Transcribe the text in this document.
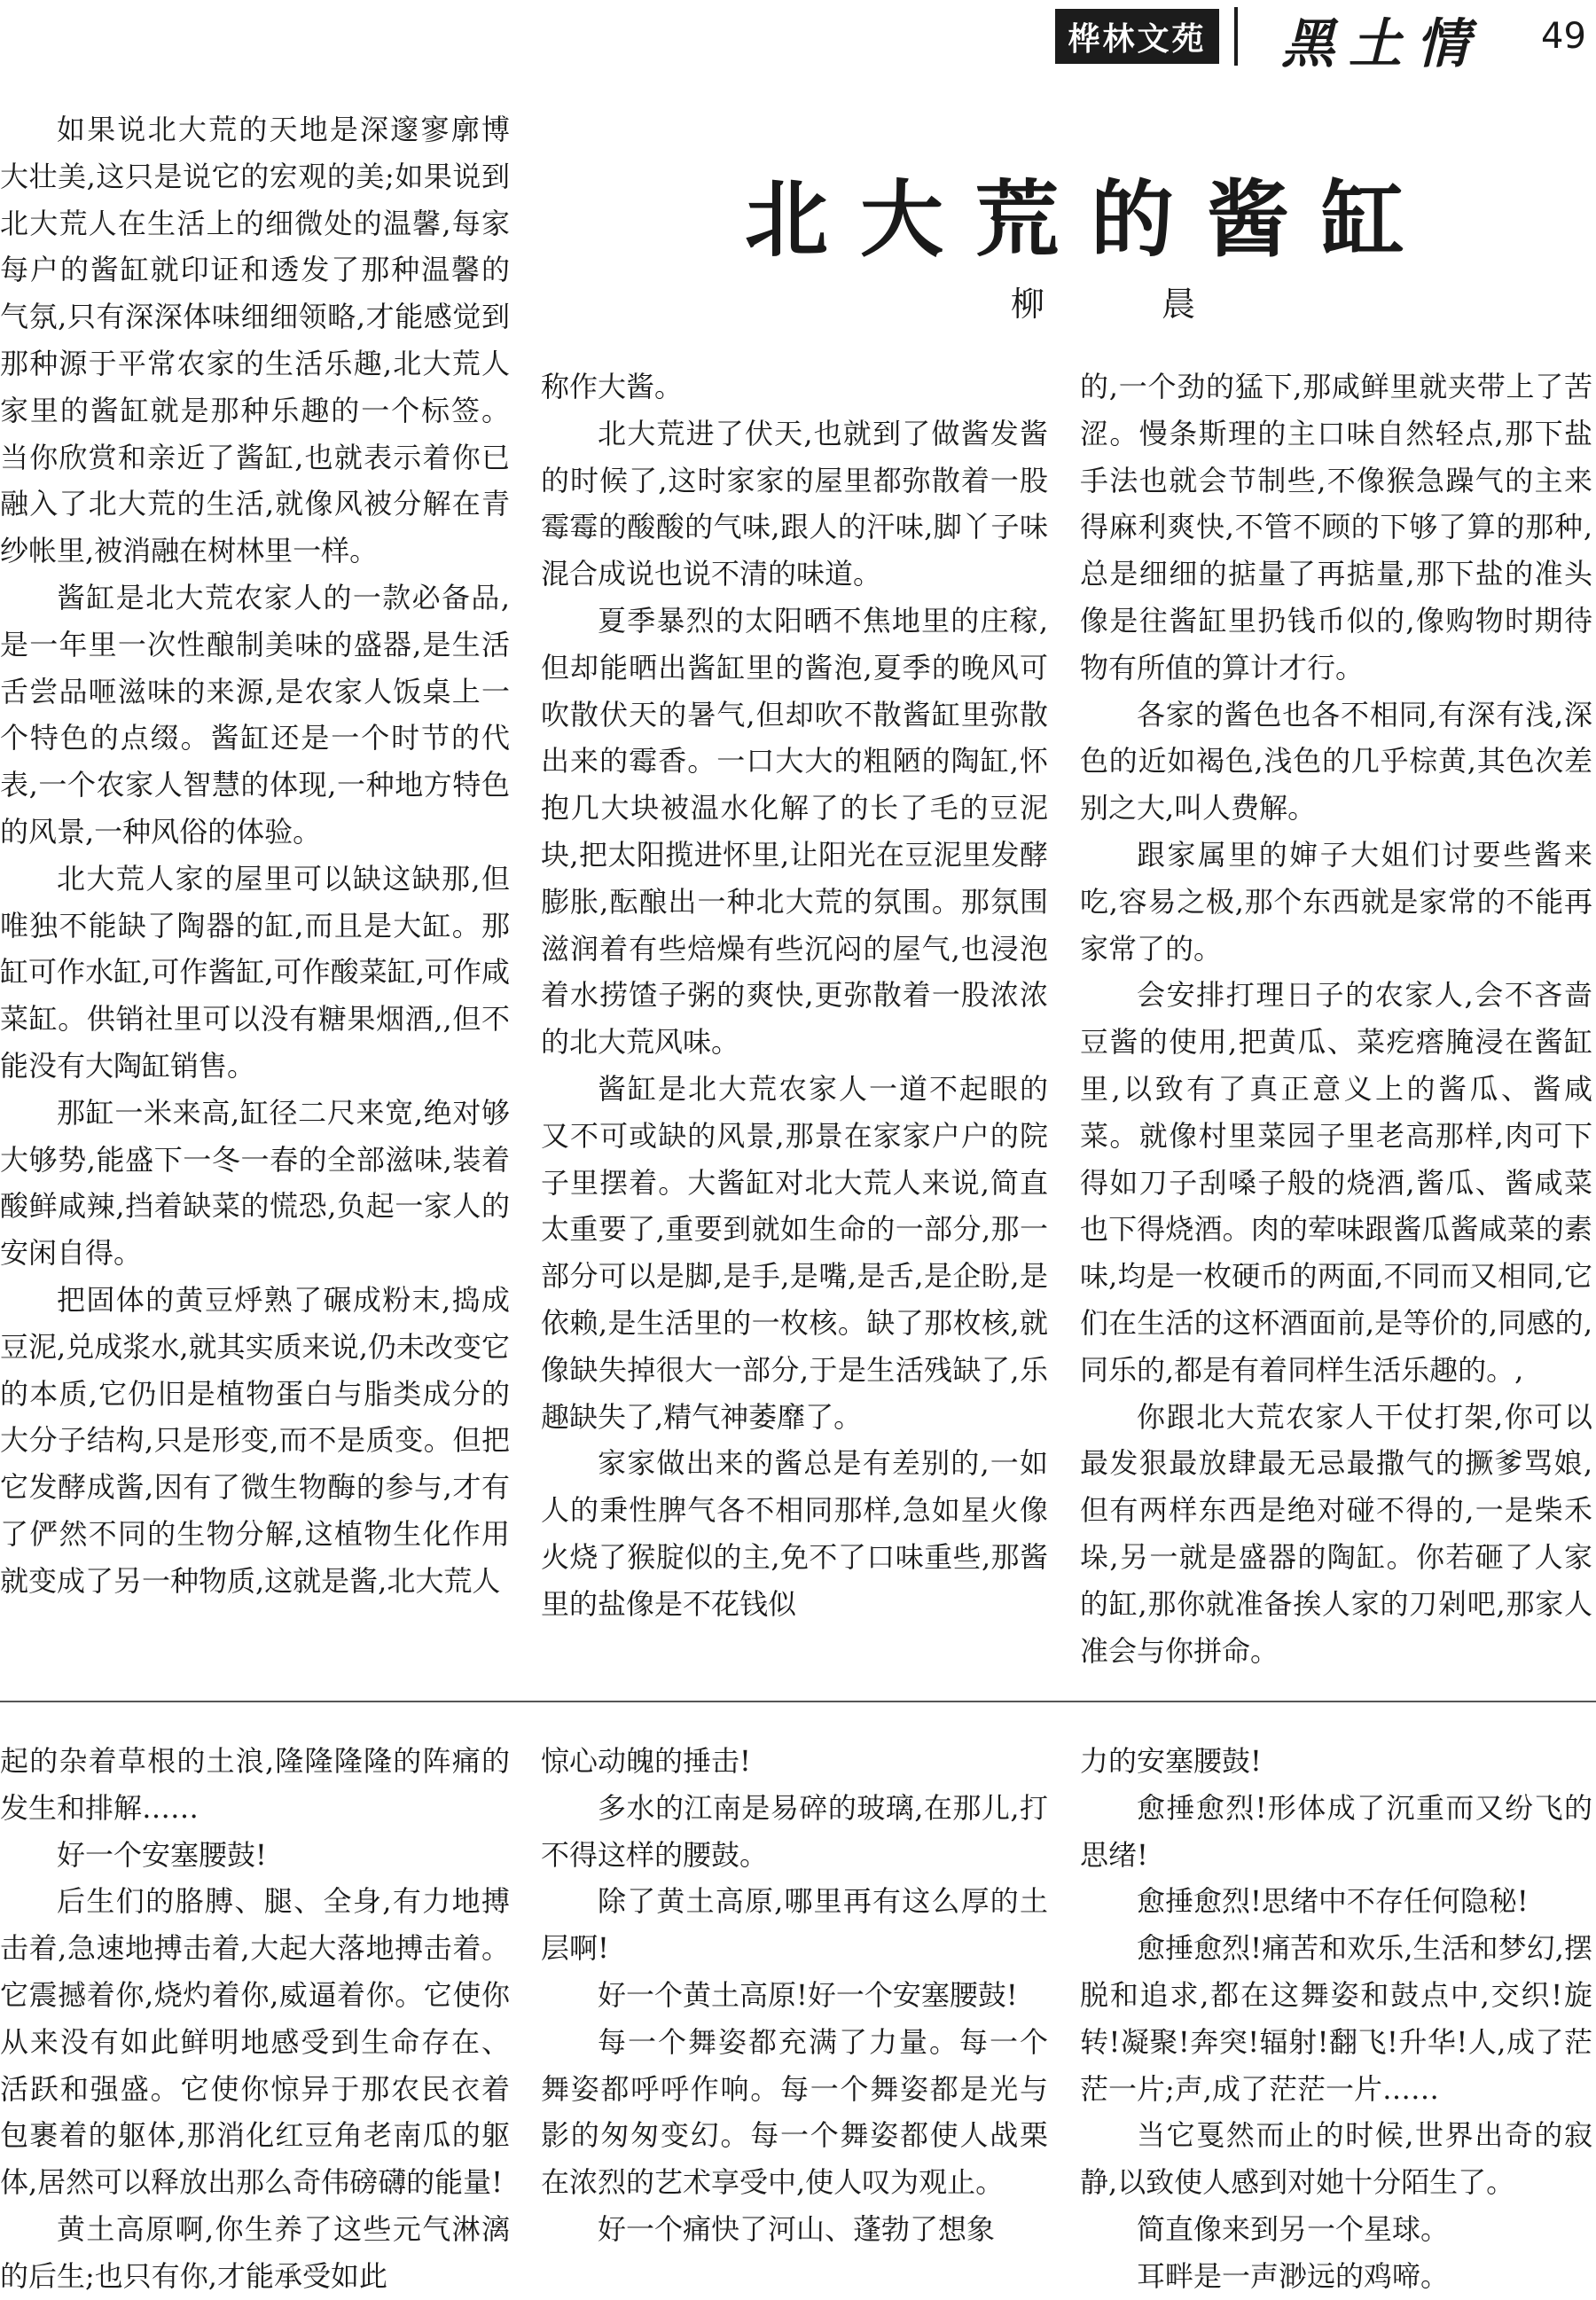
桦林文苑 黑土情 49
北大荒的酱缸
柳 晨

如果说北大荒的天地是深邃寥廓博大壮美,这只是说它的宏观的美;如果说到北大荒人在生活上的细微处的温馨,每家每户的酱缸就印证和透发了那种温馨的气氛,只有深深体味细细领略,才能感觉到那种源于平常农家的生活乐趣,北大荒人家里的酱缸就是那种乐趣的一个标签。当你欣赏和亲近了酱缸,也就表示着你已融入了北大荒的生活,就像风被分解在青纱帐里,被消融在树林里一样。

酱缸是北大荒农家人的一款必备品,是一年里一次性酿制美味的盛器,是生活舌尝品咂滋味的来源,是农家人饭桌上一个特色的点缀。酱缸还是一个时节的代表,一个农家人智慧的体现,一种地方特色的风景,一种风俗的体验。

北大荒人家的屋里可以缺这缺那,但唯独不能缺了陶器的缸,而且是大缸。那缸可作水缸,可作酱缸,可作酸菜缸,可作咸菜缸。供销社里可以没有糖果烟酒,,但不能没有大陶缸销售。

那缸一米来高,缸径二尺来宽,绝对够大够势,能盛下一冬一春的全部滋味,装着酸鲜咸辣,挡着缺菜的慌恐,负起一家人的安闲自得。

把固体的黄豆烀熟了碾成粉末,捣成豆泥,兑成浆水,就其实质来说,仍未改变它的本质,它仍旧是植物蛋白与脂类成分的大分子结构,只是形变,而不是质变。但把它发酵成酱,因有了微生物酶的参与,才有了俨然不同的生物分解,这植物生化作用就变成了另一种物质,这就是酱,北大荒人

称作大酱。

北大荒进了伏天,也就到了做酱发酱的时候了,这时家家的屋里都弥散着一股霉霉的酸酸的气味,跟人的汗味,脚丫子味混合成说也说不清的味道。

夏季暴烈的太阳晒不焦地里的庄稼,但却能晒出酱缸里的酱泡,夏季的晚风可吹散伏天的暑气,但却吹不散酱缸里弥散出来的霉香。一口大大的粗陋的陶缸,怀抱几大块被温水化解了的长了毛的豆泥块,把太阳揽进怀里,让阳光在豆泥里发酵膨胀,酝酿出一种北大荒的氛围。那氛围滋润着有些焙燥有些沉闷的屋气,也浸泡着水捞馇子粥的爽快,更弥散着一股浓浓的北大荒风味。

酱缸是北大荒农家人一道不起眼的又不可或缺的风景,那景在家家户户的院子里摆着。大酱缸对北大荒人来说,简直太重要了,重要到就如生命的一部分,那一部分可以是脚,是手,是嘴,是舌,是企盼,是依赖,是生活里的一枚核。缺了那枚核,就像缺失掉很大一部分,于是生活残缺了,乐趣缺失了,精气神萎靡了。

家家做出来的酱总是有差别的,一如人的秉性脾气各不相同那样,急如星火像火烧了猴腚似的主,免不了口味重些,那酱里的盐像是不花钱似

的,一个劲的猛下,那咸鲜里就夹带上了苦涩。慢条斯理的主口味自然轻点,那下盐手法也就会节制些,不像猴急躁气的主来得麻利爽快,不管不顾的下够了算的那种,总是细细的掂量了再掂量,那下盐的准头像是往酱缸里扔钱币似的,像购物时期待物有所值的算计才行。

各家的酱色也各不相同,有深有浅,深色的近如褐色,浅色的几乎棕黄,其色次差别之大,叫人费解。

跟家属里的婶子大姐们讨要些酱来吃,容易之极,那个东西就是家常的不能再家常了的。

会安排打理日子的农家人,会不吝啬豆酱的使用,把黄瓜、菜疙瘩腌浸在酱缸里,以致有了真正意义上的酱瓜、酱咸菜。就像村里菜园子里老高那样,肉可下得如刀子刮嗓子般的烧酒,酱瓜、酱咸菜也下得烧酒。肉的荤味跟酱瓜酱咸菜的素味,均是一枚硬币的两面,不同而又相同,它们在生活的这杯酒面前,是等价的,同感的,同乐的,都是有着同样生活乐趣的。,

你跟北大荒农家人干仗打架,你可以最发狠最放肆最无忌最撒气的撅爹骂娘,但有两样东西是绝对碰不得的,一是柴禾垛,另一就是盛器的陶缸。你若砸了人家的缸,那你就准备挨人家的刀剁吧,那家人准会与你拼命。

起的杂着草根的土浪,隆隆隆隆的阵痛的发生和排解……

好一个安塞腰鼓!

后生们的胳膊、腿、全身,有力地搏击着,急速地搏击着,大起大落地搏击着。它震撼着你,烧灼着你,威逼着你。它使你从来没有如此鲜明地感受到生命存在、活跃和强盛。它使你惊异于那农民衣着包裹着的躯体,那消化红豆角老南瓜的躯体,居然可以释放出那么奇伟磅礴的能量!

黄土高原啊,你生养了这些元气淋漓的后生;也只有你,才能承受如此

惊心动魄的捶击!

多水的江南是易碎的玻璃,在那儿,打不得这样的腰鼓。

除了黄土高原,哪里再有这么厚的土层啊!

好一个黄土高原!好一个安塞腰鼓!

每一个舞姿都充满了力量。每一个舞姿都呼呼作响。每一个舞姿都是光与影的匆匆变幻。每一个舞姿都使人战栗在浓烈的艺术享受中,使人叹为观止。

好一个痛快了河山、蓬勃了想象

力的安塞腰鼓!

愈捶愈烈!形体成了沉重而又纷飞的思绪!

愈捶愈烈!思绪中不存任何隐秘!

愈捶愈烈!痛苦和欢乐,生活和梦幻,摆脱和追求,都在这舞姿和鼓点中,交织!旋转!凝聚!奔突!辐射!翻飞!升华!人,成了茫茫一片;声,成了茫茫一片……

当它戛然而止的时候,世界出奇的寂静,以致使人感到对她十分陌生了。

简直像来到另一个星球。

耳畔是一声渺远的鸡啼。
